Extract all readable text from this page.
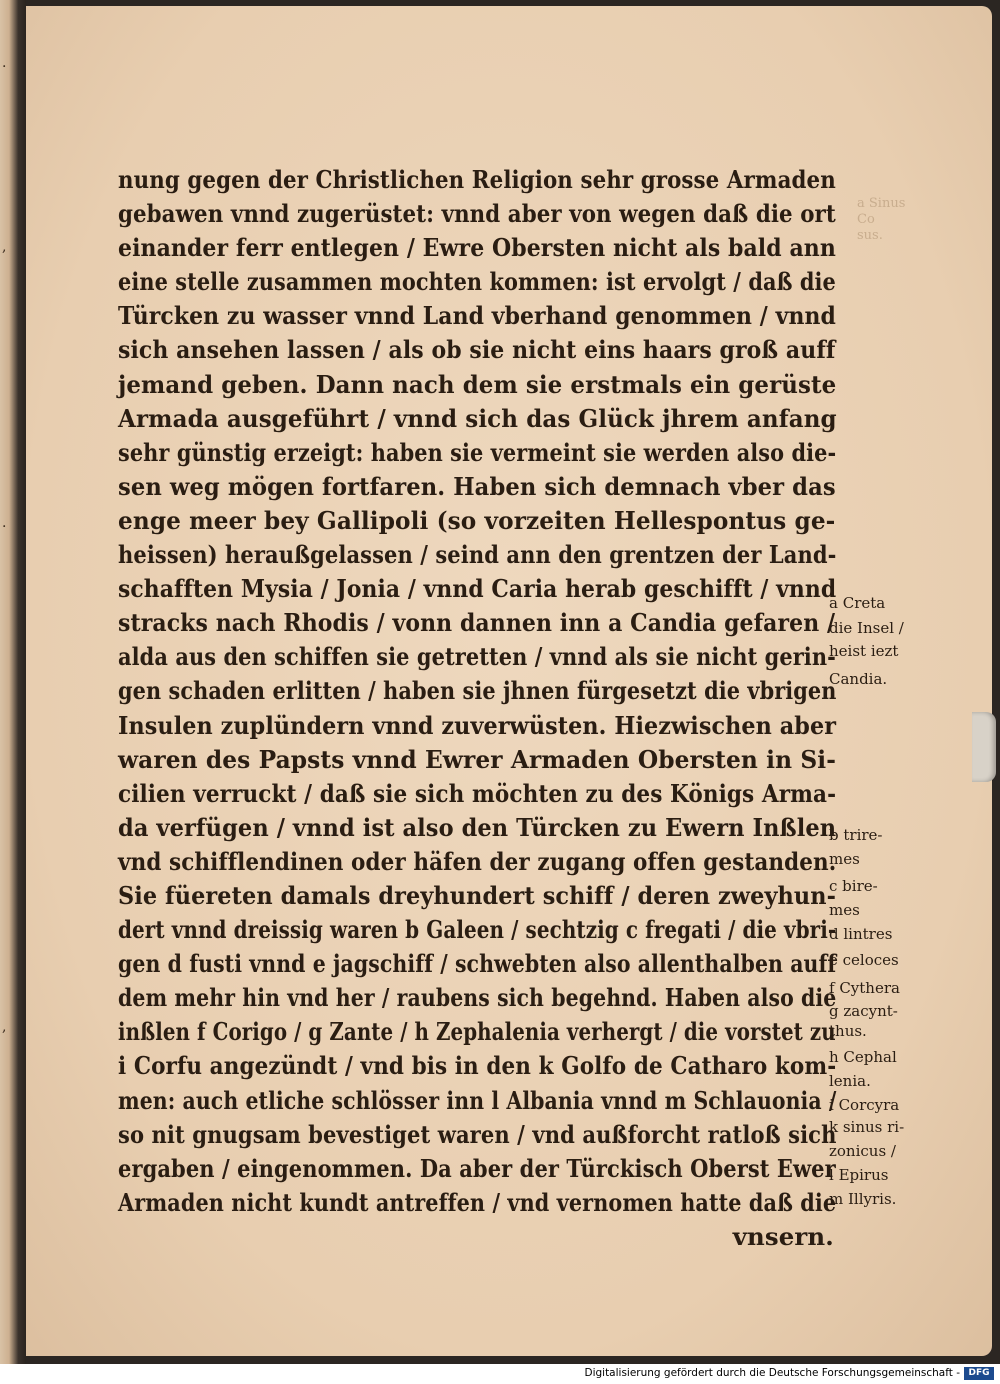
a Sinus
Co
sus.
·
,
·
,
nung gegen der Christlichen Religion sehr grosse Armaden
gebawen vnnd zugerüstet: vnnd aber von wegen daß die ort
einander ferr entlegen / Ewre Obersten nicht als bald ann
eine stelle zusammen mochten kommen: ist ervolgt / daß die
Türcken zu wasser vnnd Land vberhand genommen / vnnd
sich ansehen lassen / als ob sie nicht eins haars groß auff
jemand geben. Dann nach dem sie erstmals ein gerüste
Armada ausgeführt / vnnd sich das Glück jhrem anfang
sehr günstig erzeigt: haben sie vermeint sie werden also die-
sen weg mögen fortfaren. Haben sich demnach vber das
enge meer bey Gallipoli (so vorzeiten Hellespontus ge-
heissen) heraußgelassen / seind ann den grentzen der Land-
schafften Mysia / Jonia / vnnd Caria herab geschifft / vnnd
stracks nach Rhodis / vonn dannen inn a Candia gefaren /
alda aus den schiffen sie getretten / vnnd als sie nicht gerin-
gen schaden erlitten / haben sie jhnen fürgesetzt die vbrigen
Insulen zuplündern vnnd zuverwüsten. Hiezwischen aber
waren des Papsts vnnd Ewrer Armaden Obersten in Si-
cilien verruckt / daß sie sich möchten zu des Königs Arma-
da verfügen / vnnd ist also den Türcken zu Ewern Inßlen
vnd schifflendinen oder häfen der zugang offen gestanden.
Sie füereten damals dreyhundert schiff / deren zweyhun-
dert vnnd dreissig waren b Galeen / sechtzig c fregati / die vbri-
gen d fusti vnnd e jagschiff / schwebten also allenthalben auff
dem mehr hin vnd her / raubens sich begehnd. Haben also die
inßlen f Corigo / g Zante / h Zephalenia verhergt / die vorstet zu
i Corfu angezündt / vnd bis in den k Golfo de Catharo kom-
men: auch etliche schlösser inn l Albania vnnd m Schlauonia /
so nit gnugsam bevestiget waren / vnd außforcht ratloß sich
ergaben / eingenommen. Da aber der Türckisch Oberst Ewer
Armaden nicht kundt antreffen / vnd vernomen hatte daß die
vnsern.
a Creta
die Insel /
heist iezt
Candia.
b trire-
mes
c bire-
mes
d lintres
e celoces
f Cythera
g zacynt-
thus.
h Cephal
lenia.
i Corcyra
k sinus ri-
zonicus /
l Epirus
m Illyris.
Digitalisierung gefördert durch die Deutsche Forschungsgemeinschaft - DFG
